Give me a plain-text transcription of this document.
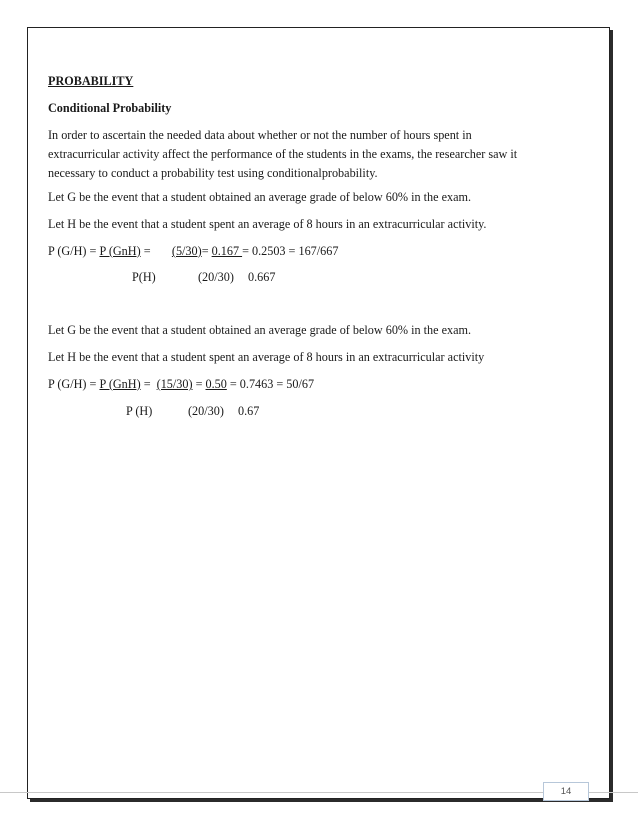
PROBABILITY
Conditional Probability
In order to ascertain the needed data about whether or not the number of hours spent in
extracurricular activity affect the performance of the students in the exams, the researcher saw it
necessary to conduct a probability test using conditionalprobability.
Let G be the event that a student obtained an average grade of below 60% in the exam.
Let H be the event that a student spent an average of 8 hours in an extracurricular activity.
P (G/H) = P (GnH) =       (5/30)= 0.167 = 0.2503 = 167/667
P(H)	(20/30) 0.667
Let G be the event that a student obtained an average grade of below 60% in the exam.
Let H be the event that a student spent an average of 8 hours in an extracurricular activity
P (G/H) = P (GnH) =  (15/30) = 0.50 = 0.7463 = 50/67
P (H)	(20/30) 0.67
14
